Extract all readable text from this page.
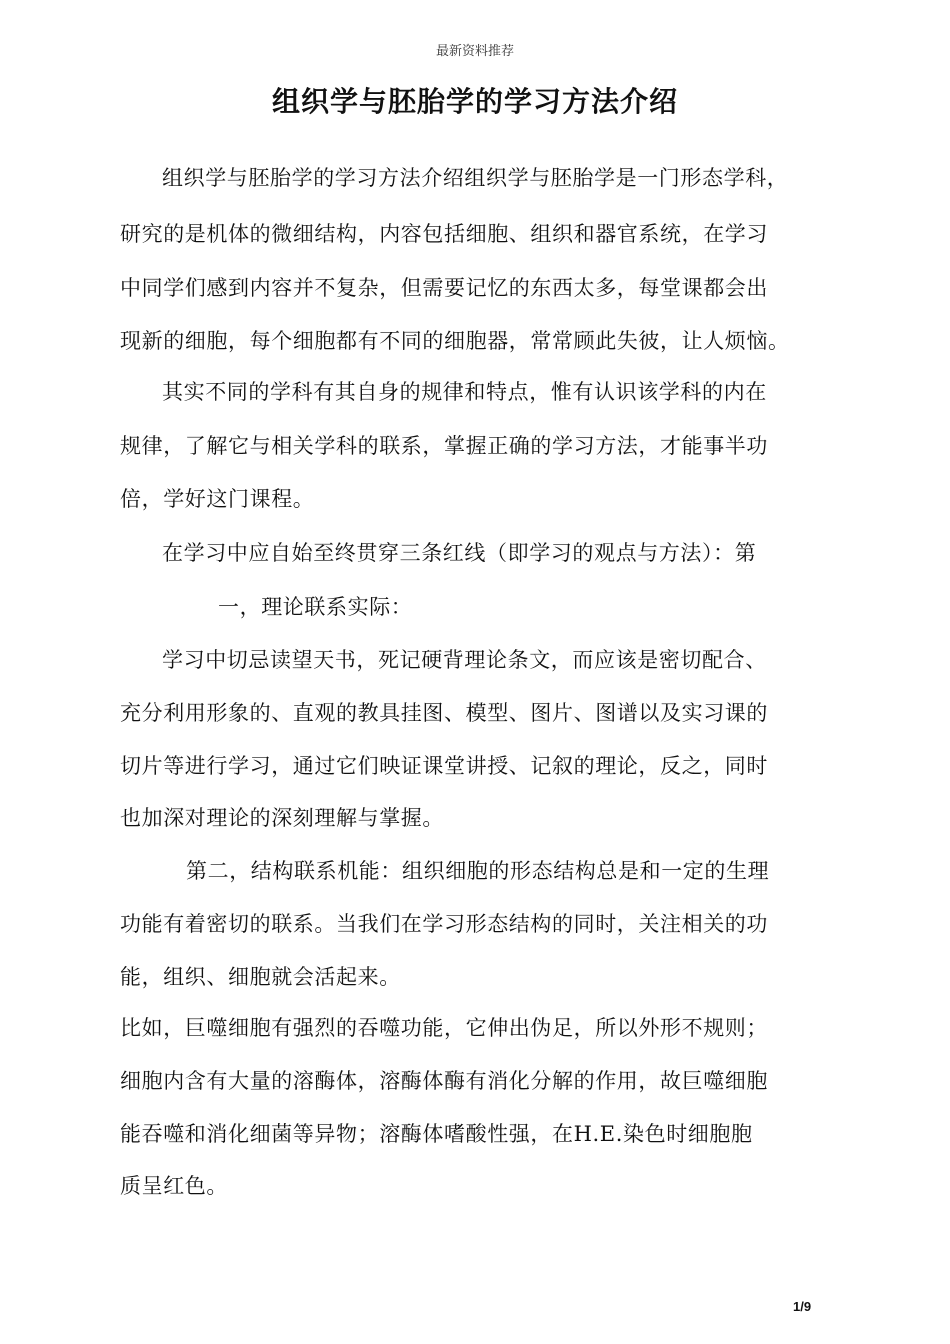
最新资料推荐
组织学与胚胎学的学习方法介绍
组织学与胚胎学的学习方法介绍组织学与胚胎学是一门形态学科，
研究的是机体的微细结构，内容包括细胞、组织和器官系统，在学习
中同学们感到内容并不复杂，但需要记忆的东西太多，每堂课都会出
现新的细胞，每个细胞都有不同的细胞器，常常顾此失彼，让人烦恼。
其实不同的学科有其自身的规律和特点，惟有认识该学科的内在
规律，了解它与相关学科的联系，掌握正确的学习方法，才能事半功
倍，学好这门课程。
在学习中应自始至终贯穿三条红线（即学习的观点与方法）：第
一，理论联系实际：
学习中切忌读望天书，死记硬背理论条文，而应该是密切配合、
充分利用形象的、直观的教具挂图、模型、图片、图谱以及实习课的
切片等进行学习，通过它们映证课堂讲授、记叙的理论，反之，同时
也加深对理论的深刻理解与掌握。
第二，结构联系机能：组织细胞的形态结构总是和一定的生理
功能有着密切的联系。当我们在学习形态结构的同时，关注相关的功
能，组织、细胞就会活起来。
比如，巨噬细胞有强烈的吞噬功能，它伸出伪足，所以外形不规则；
细胞内含有大量的溶酶体，溶酶体酶有消化分解的作用，故巨噬细胞
能吞噬和消化细菌等异物；溶酶体嗜酸性强，在H.E.染色时细胞胞
质呈红色。
1/9
